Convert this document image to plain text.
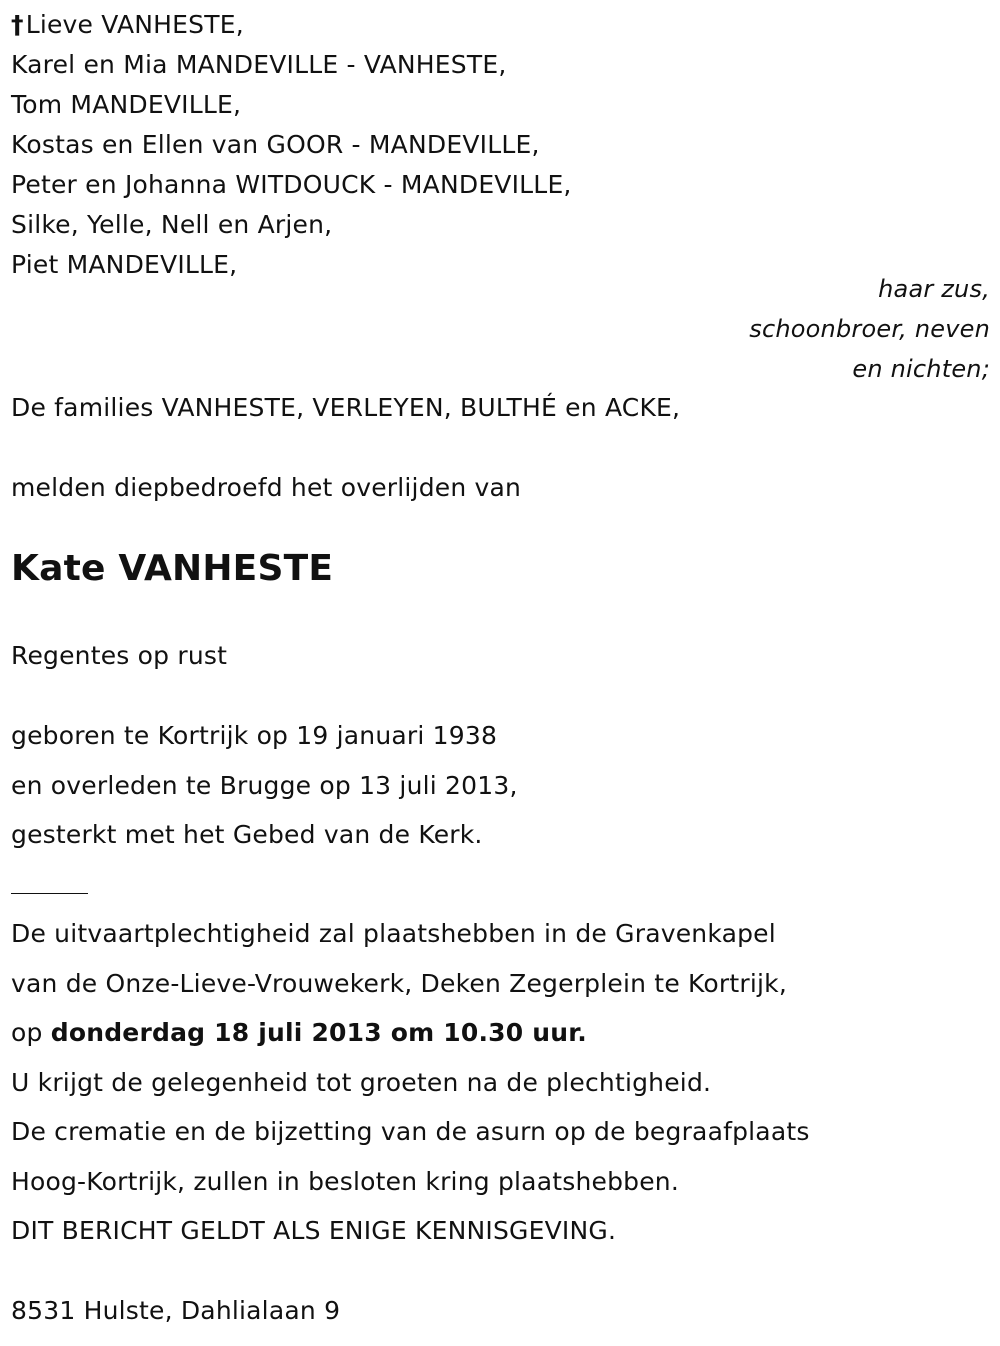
†Lieve VANHESTE,
Karel en Mia MANDEVILLE - VANHESTE,
Tom MANDEVILLE,
Kostas en Ellen van GOOR - MANDEVILLE,
Peter en Johanna WITDOUCK - MANDEVILLE,
Silke, Yelle, Nell en Arjen,
Piet MANDEVILLE,
haar zus,
schoonbroer, neven
en nichten;
De families VANHESTE, VERLEYEN, BULTHÉ en ACKE,
melden diepbedroefd het overlijden van
Kate VANHESTE
Regentes op rust
geboren te Kortrijk op 19 januari 1938
en overleden te Brugge op 13 juli 2013,
gesterkt met het Gebed van de Kerk.
De uitvaartplechtigheid zal plaatshebben in de Gravenkapel
van de Onze-Lieve-Vrouwekerk, Deken Zegerplein te Kortrijk,
op donderdag 18 juli 2013 om 10.30 uur.
U krijgt de gelegenheid tot groeten na de plechtigheid.
De crematie en de bijzetting van de asurn op de begraafplaats
Hoog-Kortrijk, zullen in besloten kring plaatshebben.
DIT BERICHT GELDT ALS ENIGE KENNISGEVING.
8531 Hulste, Dahlialaan 9
